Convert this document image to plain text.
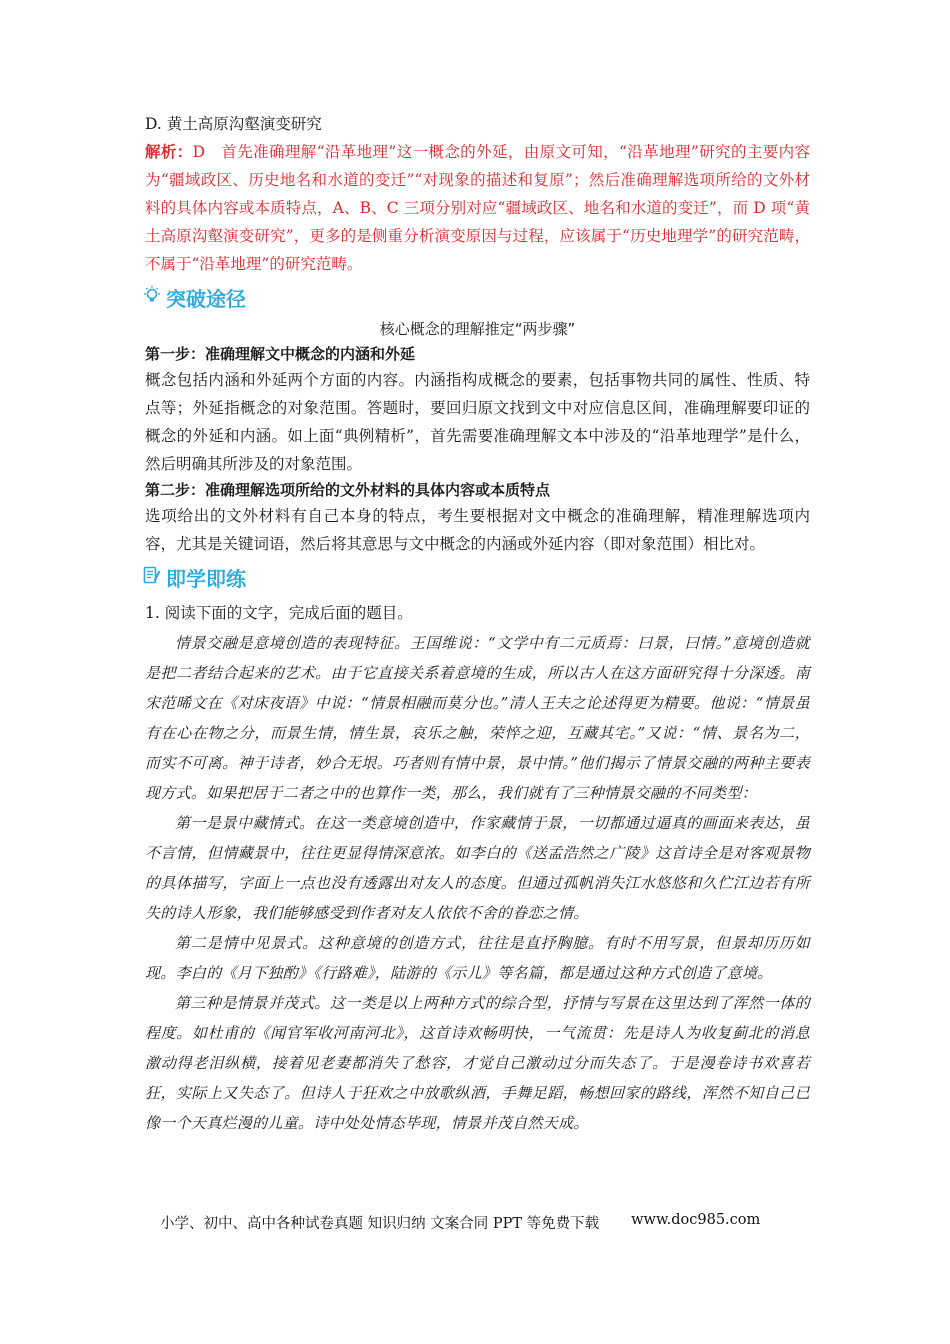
D. 黄土高原沟壑演变研究

解析：D　首先准确理解“沿革地理”这一概念的外延，由原文可知，“沿革地理”研究的主要内容为“疆域政区、历史地名和水道的变迁”“对现象的描述和复原”；然后准确理解选项所给的文外材料的具体内容或本质特点，A、B、C 三项分别对应“疆域政区、地名和水道的变迁”，而 D 项“黄土高原沟壑演变研究”，更多的是侧重分析演变原因与过程，应该属于“历史地理学”的研究范畴，不属于“沿革地理”的研究范畴。

突破途径

核心概念的理解推定“两步骤”

第一步：准确理解文中概念的内涵和外延

概念包括内涵和外延两个方面的内容。内涵指构成概念的要素，包括事物共同的属性、性质、特点等；外延指概念的对象范围。答题时，要回归原文找到文中对应信息区间，准确理解要印证的概念的外延和内涵。如上面“典例精析”，首先需要准确理解文本中涉及的“沿革地理学”是什么，然后明确其所涉及的对象范围。

第二步：准确理解选项所给的文外材料的具体内容或本质特点

选项给出的文外材料有自己本身的特点，考生要根据对文中概念的准确理解，精准理解选项内容，尤其是关键词语，然后将其意思与文中概念的内涵或外延内容（即对象范围）相比对。

即学即练

1. 阅读下面的文字，完成后面的题目。

情景交融是意境创造的表现特征。王国维说：“文学中有二元质焉：曰景，曰情。”意境创造就是把二者结合起来的艺术。由于它直接关系着意境的生成，所以古人在这方面研究得十分深透。南宋范晞文在《对床夜语》中说：“情景相融而莫分也。”清人王夫之论述得更为精要。他说：“情景虽有在心在物之分，而景生情，情生景，哀乐之触，荣悴之迎，互藏其宅。”又说：“情、景名为二，而实不可离。神于诗者，妙合无垠。巧者则有情中景，景中情。”他们揭示了情景交融的两种主要表现方式。如果把居于二者之中的也算作一类，那么，我们就有了三种情景交融的不同类型：

第一是景中藏情式。在这一类意境创造中，作家藏情于景，一切都通过逼真的画面来表达，虽不言情，但情藏景中，往往更显得情深意浓。如李白的《送孟浩然之广陵》这首诗全是对客观景物的具体描写，字面上一点也没有透露出对友人的态度。但通过孤帆消失江水悠悠和久伫江边若有所失的诗人形象，我们能够感受到作者对友人依依不舍的眷恋之情。

第二是情中见景式。这种意境的创造方式，往往是直抒胸臆。有时不用写景，但景却历历如现。李白的《月下独酌》《行路难》，陆游的《示儿》等名篇，都是通过这种方式创造了意境。

第三种是情景并茂式。这一类是以上两种方式的综合型，抒情与写景在这里达到了浑然一体的程度。如杜甫的《闻官军收河南河北》，这首诗欢畅明快，一气流贯：先是诗人为收复蓟北的消息激动得老泪纵横，接着见老妻都消失了愁容，才觉自己激动过分而失态了。于是漫卷诗书欢喜若狂，实际上又失态了。但诗人于狂欢之中放歌纵酒，手舞足蹈，畅想回家的路线，浑然不知自己已像一个天真烂漫的儿童。诗中处处情态毕现，情景并茂自然天成。

小学、初中、高中各种试卷真题 知识归纳 文案合同 PPT 等免费下载 www.doc985.com
